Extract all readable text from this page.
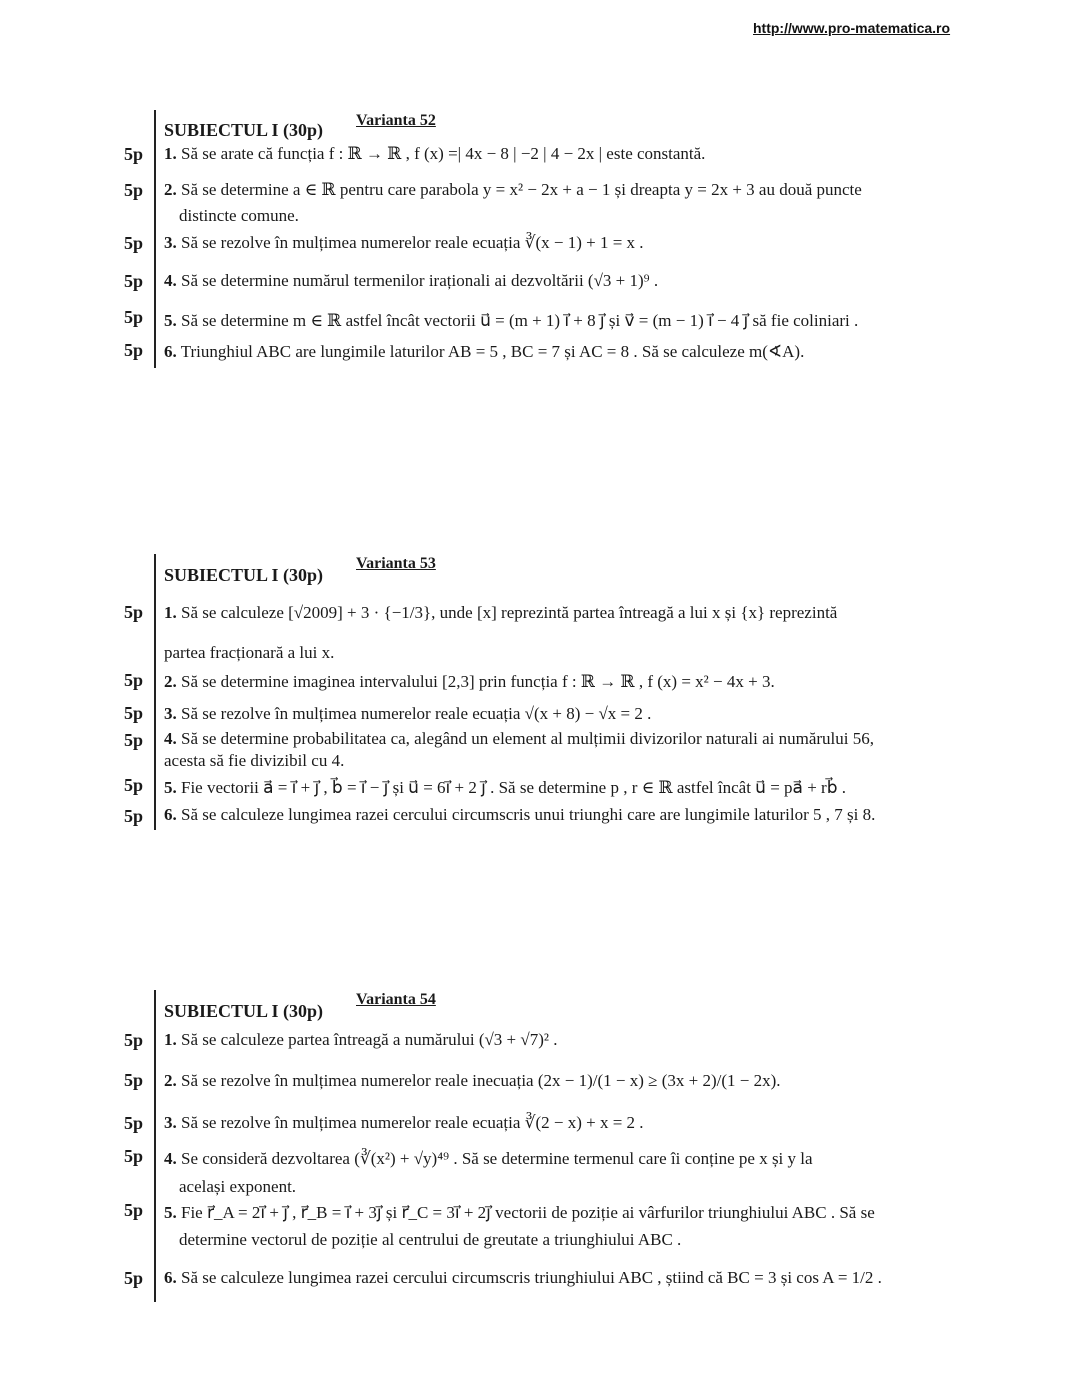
http://www.pro-matematica.ro
SUBIECTUL I (30p) Varianta 52
5p 1. Să se arate că funcția f : ℝ → ℝ , f (x) =| 4x − 8 | −2 | 4 − 2x | este constantă.
5p 2. Să se determine a ∈ ℝ pentru care parabola y = x² − 2x + a − 1 și dreapta y = 2x + 3 au două puncte
distincte comune.
5p 3. Să se rezolve în mulțimea numerelor reale ecuația ∛(x − 1) + 1 = x .
5p 4. Să se determine numărul termenilor iraționali ai dezvoltării (√3 + 1)⁹ .
5p 5. Să se determine m ∈ ℝ astfel încât vectorii u⃗ = (m + 1) i⃗ + 8 j⃗ și v⃗ = (m − 1) i⃗ − 4 j⃗ să fie coliniari .
5p 6. Triunghiul ABC are lungimile laturilor AB = 5 , BC = 7 și AC = 8 . Să se calculeze m(∢A).
SUBIECTUL I (30p)
Varianta 53
5p 1. Să se calculeze [√2009] + 3 · {−1/3}, unde [x] reprezintă partea întreagă a lui x și {x} reprezintă
partea fracționară a lui x.
5p 2. Să se determine imaginea intervalului [2,3] prin funcția f : ℝ → ℝ , f (x) = x² − 4x + 3.
5p 3. Să se rezolve în mulțimea numerelor reale ecuația √(x + 8) − √x = 2 .
5p 4. Să se determine probabilitatea ca, alegând un element al mulțimii divizorilor naturali ai numărului 56,
acesta să fie divizibil cu 4.
5p 5. Fie vectorii a⃗ = i⃗ + j⃗ , b⃗ = i⃗ − j⃗ și u⃗ = 6i⃗ + 2 j⃗ . Să se determine p , r ∈ ℝ astfel încât u⃗ = pa⃗ + rb⃗ .
5p 6. Să se calculeze lungimea razei cercului circumscris unui triunghi care are lungimile laturilor 5 , 7 și 8.
SUBIECTUL I (30p)
Varianta 54
5p 1. Să se calculeze partea întreagă a numărului (√3 + √7)² .
5p 2. Să se rezolve în mulțimea numerelor reale inecuația (2x − 1)/(1 − x) ≥ (3x + 2)/(1 − 2x).
5p 3. Să se rezolve în mulțimea numerelor reale ecuația ∛(2 − x) + x = 2 .
5p 4. Se consideră dezvoltarea (∛(x²) + √y)⁴⁹ . Să se determine termenul care îi conține pe x și y la
același exponent.
5p 5. Fie r⃗_A = 2i⃗ + j⃗ , r⃗_B = i⃗ + 3j⃗ și r⃗_C = 3i⃗ + 2j⃗ vectorii de poziție ai vârfurilor triunghiului ABC . Să se
determine vectorul de poziție al centrului de greutate a triunghiului ABC .
5p 6. Să se calculeze lungimea razei cercului circumscris triunghiului ABC , știind că BC = 3 și cos A = 1/2 .
